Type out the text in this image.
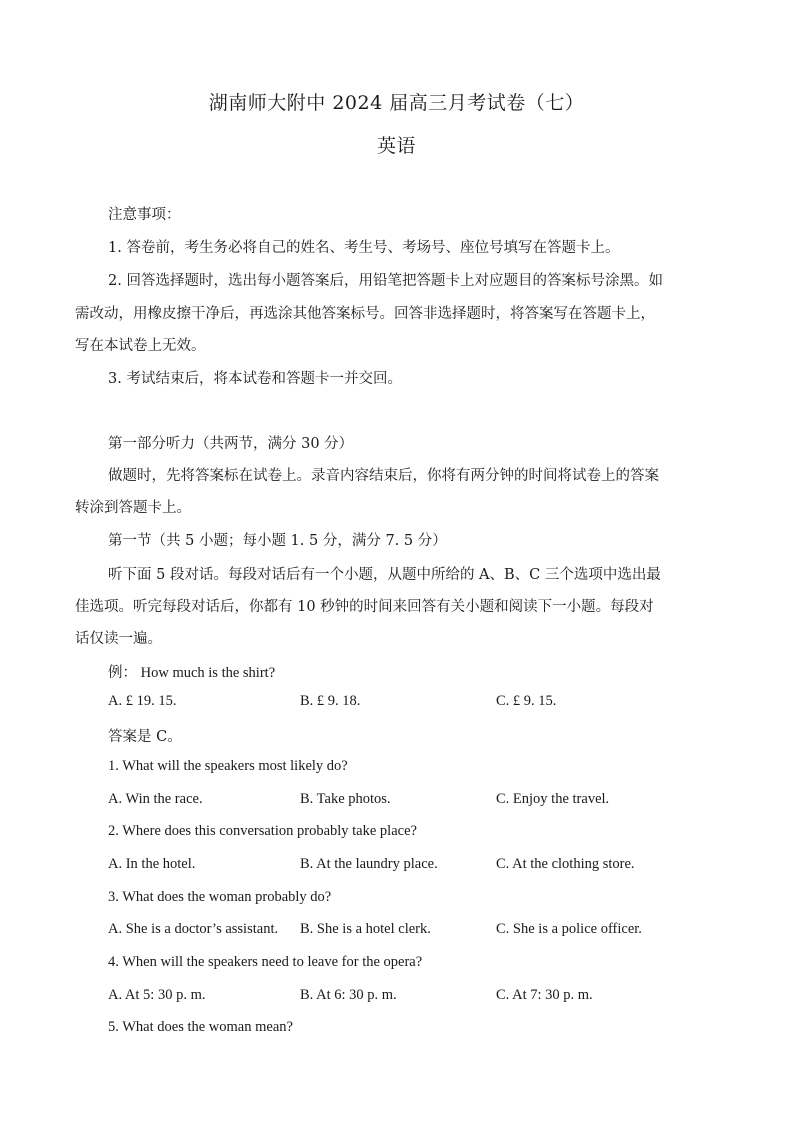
湖南师大附中 2024 届高三月考试卷（七）
英语
注意事项：
1. 答卷前，考生务必将自己的姓名、考生号、考场号、座位号填写在答题卡上。
2. 回答选择题时，选出每小题答案后，用铅笔把答题卡上对应题目的答案标号涂黑。如
需改动，用橡皮擦干净后，再选涂其他答案标号。回答非选择题时，将答案写在答题卡上，
写在本试卷上无效。
3. 考试结束后，将本试卷和答题卡一并交回。
第一部分听力（共两节，满分 30 分）
做题时，先将答案标在试卷上。录音内容结束后，你将有两分钟的时间将试卷上的答案
转涂到答题卡上。
第一节（共 5 小题；每小题 1. 5 分，满分 7. 5 分）
听下面 5 段对话。每段对话后有一个小题，从题中所给的 A、B、C 三个选项中选出最
佳选项。听完每段对话后，你都有 10 秒钟的时间来回答有关小题和阅读下一小题。每段对
话仅读一遍。
例： How much is the shirt?
A. £ 19. 15.	B. £ 9. 18.	C. £ 9. 15.
答案是 C。
1. What will the speakers most likely do?
A. Win the race.	B. Take photos.	C. Enjoy the travel.
2. Where does this conversation probably take place?
A. In the hotel.	B. At the laundry place.	C. At the clothing store.
3. What does the woman probably do?
A. She is a doctor’s assistant. B. She is a hotel clerk.	C. She is a police officer.
4. When will the speakers need to leave for the opera?
A. At 5: 30 p. m.	B. At 6: 30 p. m.	C. At 7: 30 p. m.
5. What does the woman mean?
